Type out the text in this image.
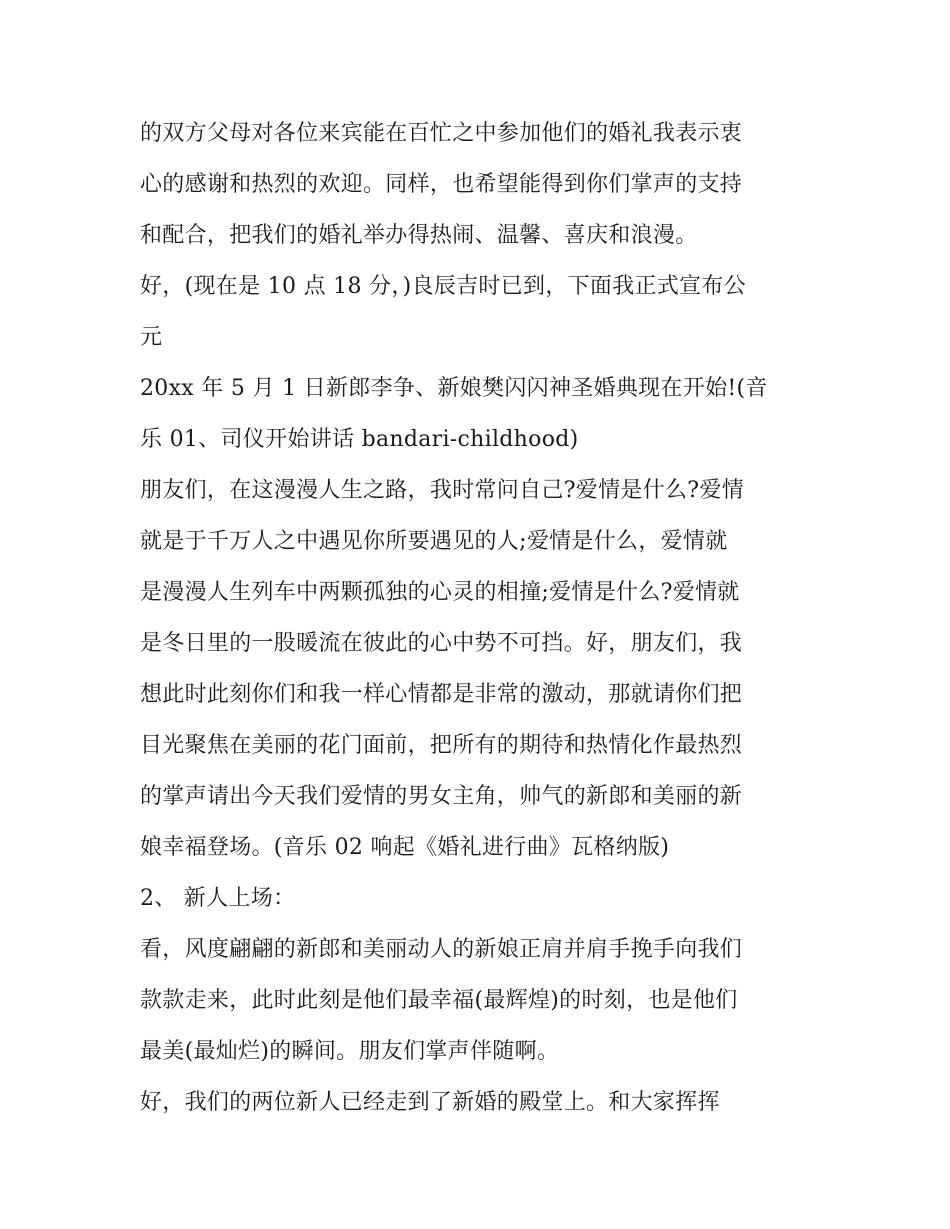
的双方父母对各位来宾能在百忙之中参加他们的婚礼我表示衷
心的感谢和热烈的欢迎。同样，也希望能得到你们掌声的支持
和配合，把我们的婚礼举办得热闹、温馨、喜庆和浪漫。
好，(现在是 10 点 18 分，)良辰吉时已到，下面我正式宣布公
元
20xx 年 5 月 1 日新郎李争、新娘樊闪闪神圣婚典现在开始!(音
乐 01、司仪开始讲话 bandari-childhood)
朋友们，在这漫漫人生之路，我时常问自己?爱情是什么?爱情
就是于千万人之中遇见你所要遇见的人;爱情是什么，爱情就
是漫漫人生列车中两颗孤独的心灵的相撞;爱情是什么?爱情就
是冬日里的一股暖流在彼此的心中势不可挡。好，朋友们，我
想此时此刻你们和我一样心情都是非常的激动，那就请你们把
目光聚焦在美丽的花门面前，把所有的期待和热情化作最热烈
的掌声请出今天我们爱情的男女主角，帅气的新郎和美丽的新
娘幸福登场。(音乐 02 响起《婚礼进行曲》瓦格纳版)
2、 新人上场：
看，风度翩翩的新郎和美丽动人的新娘正肩并肩手挽手向我们
款款走来，此时此刻是他们最幸福(最辉煌)的时刻，也是他们
最美(最灿烂)的瞬间。朋友们掌声伴随啊。
好，我们的两位新人已经走到了新婚的殿堂上。和大家挥挥
